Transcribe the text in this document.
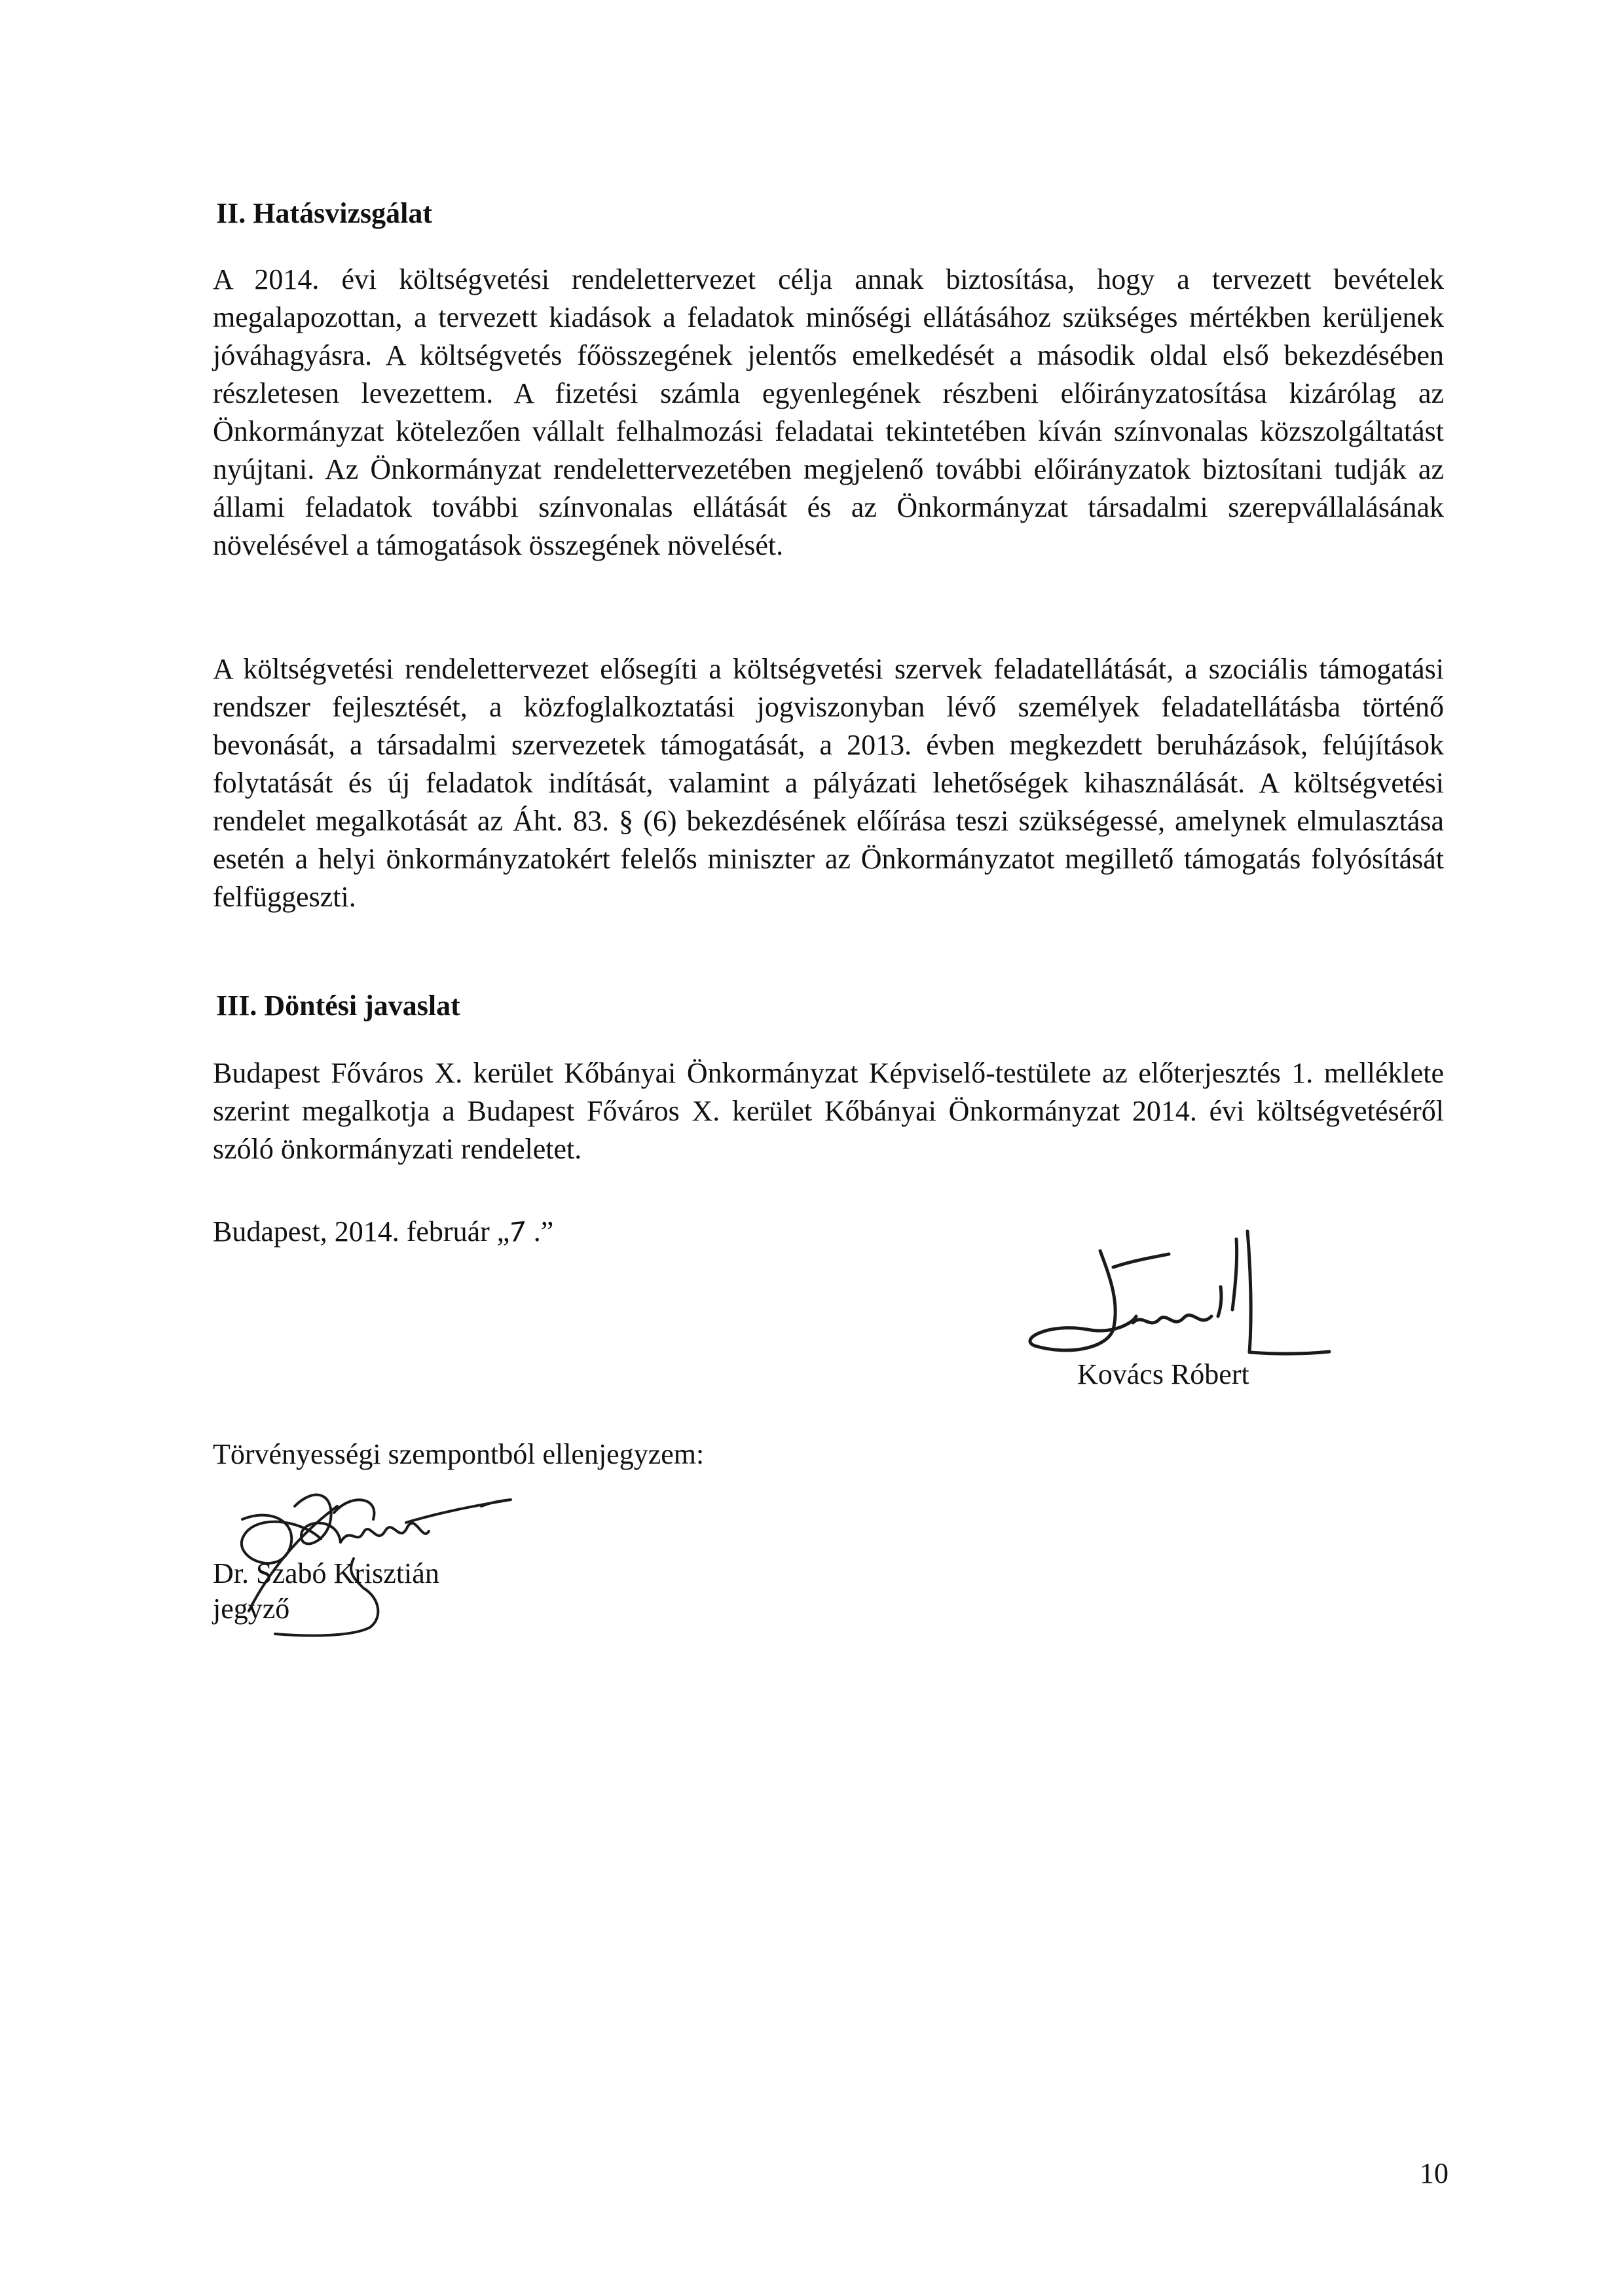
II. Hatásvizsgálat

A 2014. évi költségvetési rendelettervezet célja annak biztosítása, hogy a tervezett bevételek megalapozottan, a tervezett kiadások a feladatok minőségi ellátásához szükséges mértékben kerüljenek jóváhagyásra. A költségvetés főösszegének jelentős emelkedését a második oldal első bekezdésében részletesen levezettem. A fizetési számla egyenlegének részbeni előirányzatosítása kizárólag az Önkormányzat kötelezően vállalt felhalmozási feladatai tekintetében kíván színvonalas közszolgáltatást nyújtani. Az Önkormányzat rendelettervezetében megjelenő további előirányzatok biztosítani tudják az állami feladatok további színvonalas ellátását és az Önkormányzat társadalmi szerepvállalásának növelésével a támogatások összegének növelését.

A költségvetési rendelettervezet elősegíti a költségvetési szervek feladatellátását, a szociális támogatási rendszer fejlesztését, a közfoglalkoztatási jogviszonyban lévő személyek feladatellátásba történő bevonását, a társadalmi szervezetek támogatását, a 2013. évben megkezdett beruházások, felújítások folytatását és új feladatok indítását, valamint a pályázati lehetőségek kihasználását. A költségvetési rendelet megalkotását az Áht. 83. § (6) bekezdésének előírása teszi szükségessé, amelynek elmulasztása esetén a helyi önkormányzatokért felelős miniszter az Önkormányzatot megillető támogatás folyósítását felfüggeszti.

III. Döntési javaslat

Budapest Főváros X. kerület Kőbányai Önkormányzat Képviselő-testülete az előterjesztés 1. melléklete szerint megalkotja a Budapest Főváros X. kerület Kőbányai Önkormányzat 2014. évi költségvetéséről szóló önkormányzati rendeletet.

Budapest, 2014. február „7 .”
Kovács Róbert
Törvényességi szempontból ellenjegyzem:
Dr. Szabó Krisztián
jegyző
10
